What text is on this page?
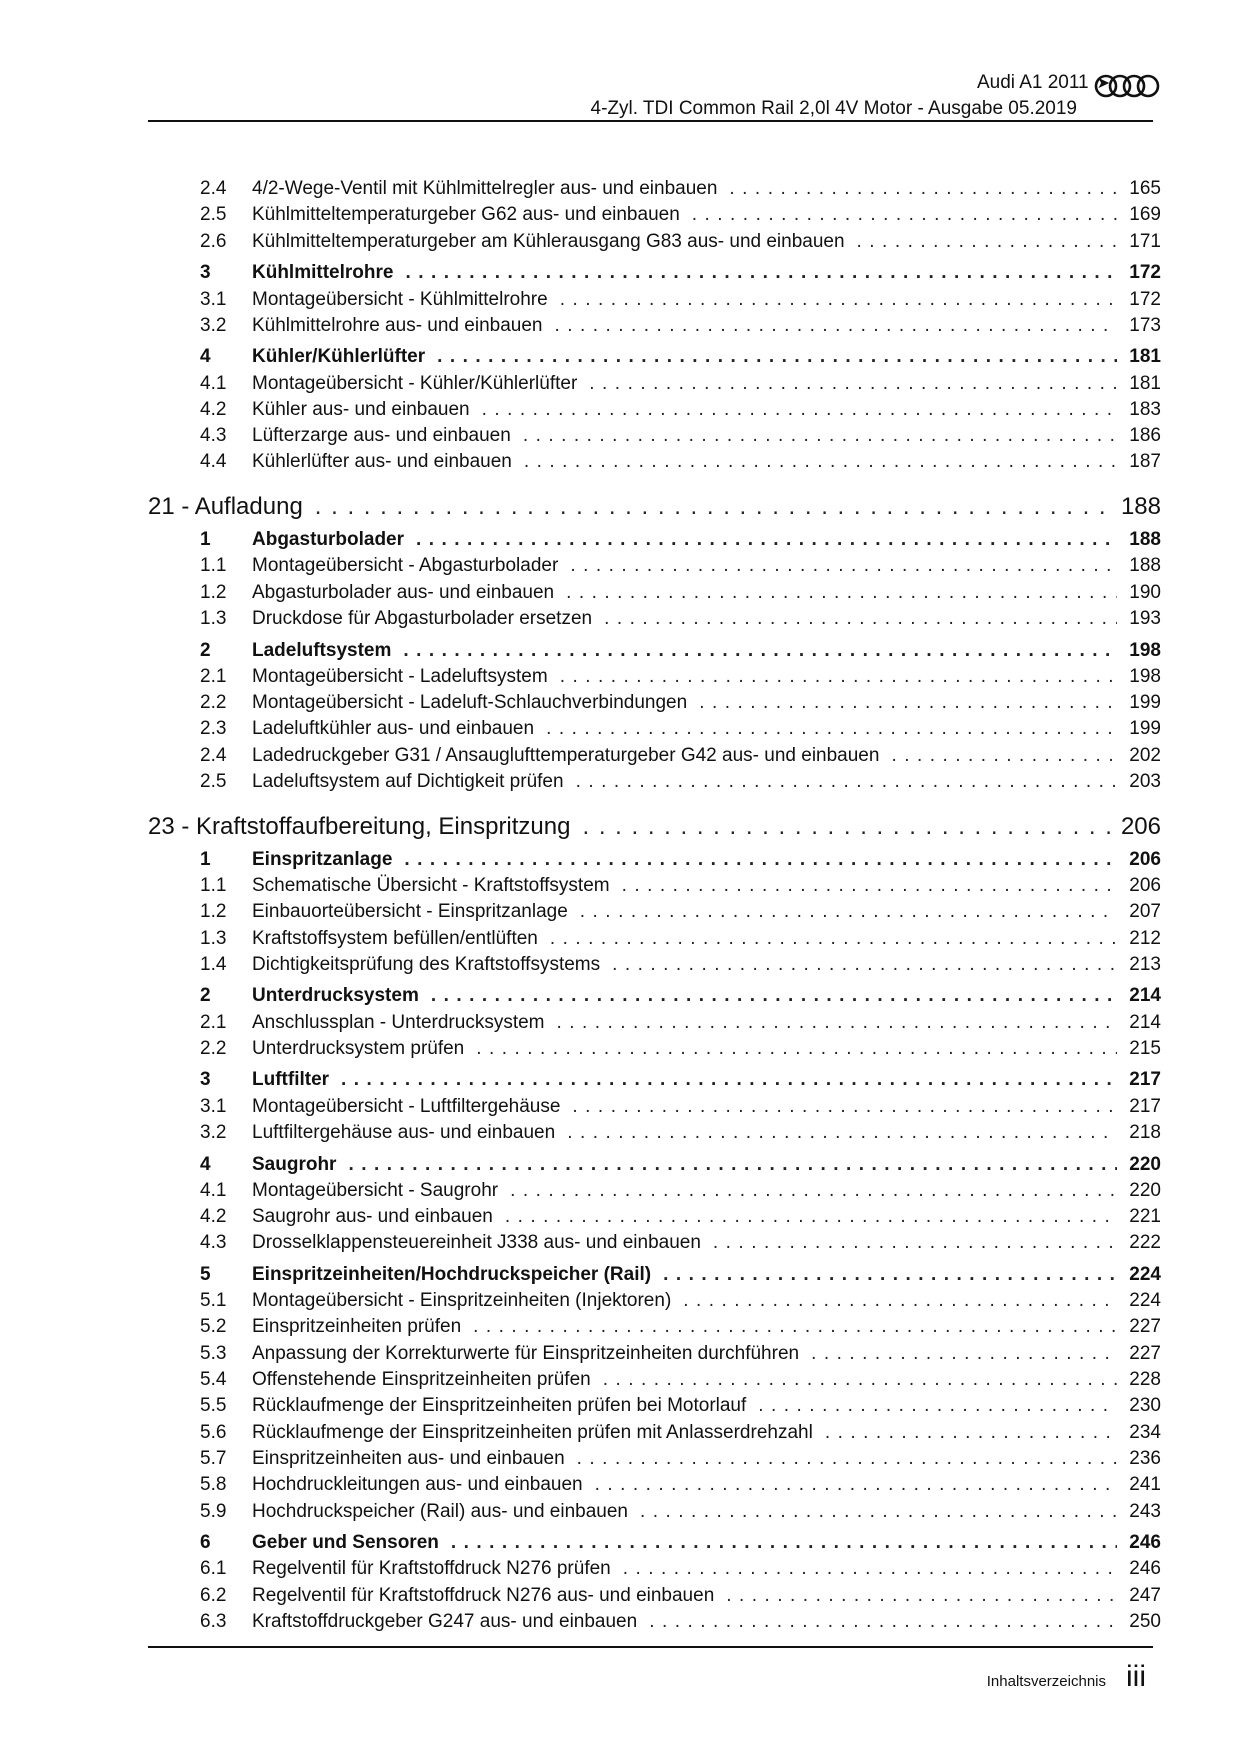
Audi A1 2011 ➤
4-Zyl. TDI Common Rail 2,0l 4V Motor - Ausgabe 05.2019
2.4	4/2-Wege-Ventil mit Kühlmittelregler aus- und einbauen . . .	165
2.5	Kühlmitteltemperaturgeber G62 aus- und einbauen . . .	169
2.6	Kühlmitteltemperaturgeber am Kühlerausgang G83 aus- und einbauen . . .	171
3	Kühlmittelrohre . . .	172
3.1	Montageübersicht - Kühlmittelrohre . . .	172
3.2	Kühlmittelrohre aus- und einbauen . . .	173
4	Kühler/Kühlerlüfter . . .	181
4.1	Montageübersicht - Kühler/Kühlerlüfter . . .	181
4.2	Kühler aus- und einbauen . . .	183
4.3	Lüfterzarge aus- und einbauen . . .	186
4.4	Kühlerlüfter aus- und einbauen . . .	187
21 - Aufladung . . .	188
1	Abgasturbolader . . .	188
1.1	Montageübersicht - Abgasturbolader . . .	188
1.2	Abgasturbolader aus- und einbauen . . .	190
1.3	Druckdose für Abgasturbolader ersetzen . . .	193
2	Ladeluftsystem . . .	198
2.1	Montageübersicht - Ladeluftsystem . . .	198
2.2	Montageübersicht - Ladeluft-Schlauchverbindungen . . .	199
2.3	Ladeluftkühler aus- und einbauen . . .	199
2.4	Ladedruckgeber G31 / Ansauglufttemperaturgeber G42 aus- und einbauen . . .	202
2.5	Ladeluftsystem auf Dichtigkeit prüfen . . .	203
23 - Kraftstoffaufbereitung, Einspritzung . . .	206
1	Einspritzanlage . . .	206
1.1	Schematische Übersicht - Kraftstoffsystem . . .	206
1.2	Einbauorteübersicht - Einspritzanlage . . .	207
1.3	Kraftstoffsystem befüllen/entlüften . . .	212
1.4	Dichtigkeitsprüfung des Kraftstoffsystems . . .	213
2	Unterdrucksystem . . .	214
2.1	Anschlussplan - Unterdrucksystem . . .	214
2.2	Unterdrucksystem prüfen . . .	215
3	Luftfilter . . .	217
3.1	Montageübersicht - Luftfiltergehäuse . . .	217
3.2	Luftfiltergehäuse aus- und einbauen . . .	218
4	Saugrohr . . .	220
4.1	Montageübersicht - Saugrohr . . .	220
4.2	Saugrohr aus- und einbauen . . .	221
4.3	Drosselklappensteuereinheit J338 aus- und einbauen . . .	222
5	Einspritzeinheiten/Hochdruckspeicher (Rail) . . .	224
5.1	Montageübersicht - Einspritzeinheiten (Injektoren) . . .	224
5.2	Einspritzeinheiten prüfen . . .	227
5.3	Anpassung der Korrekturwerte für Einspritzeinheiten durchführen . . .	227
5.4	Offenstehende Einspritzeinheiten prüfen . . .	228
5.5	Rücklaufmenge der Einspritzeinheiten prüfen bei Motorlauf . . .	230
5.6	Rücklaufmenge der Einspritzeinheiten prüfen mit Anlasserdrehzahl . . .	234
5.7	Einspritzeinheiten aus- und einbauen . . .	236
5.8	Hochdruckleitungen aus- und einbauen . . .	241
5.9	Hochdruckspeicher (Rail) aus- und einbauen . . .	243
6	Geber und Sensoren . . .	246
6.1	Regelventil für Kraftstoffdruck N276 prüfen . . .	246
6.2	Regelventil für Kraftstoffdruck N276 aus- und einbauen . . .	247
6.3	Kraftstoffdruckgeber G247 aus- und einbauen . . .	250
Inhaltsverzeichnis iii
